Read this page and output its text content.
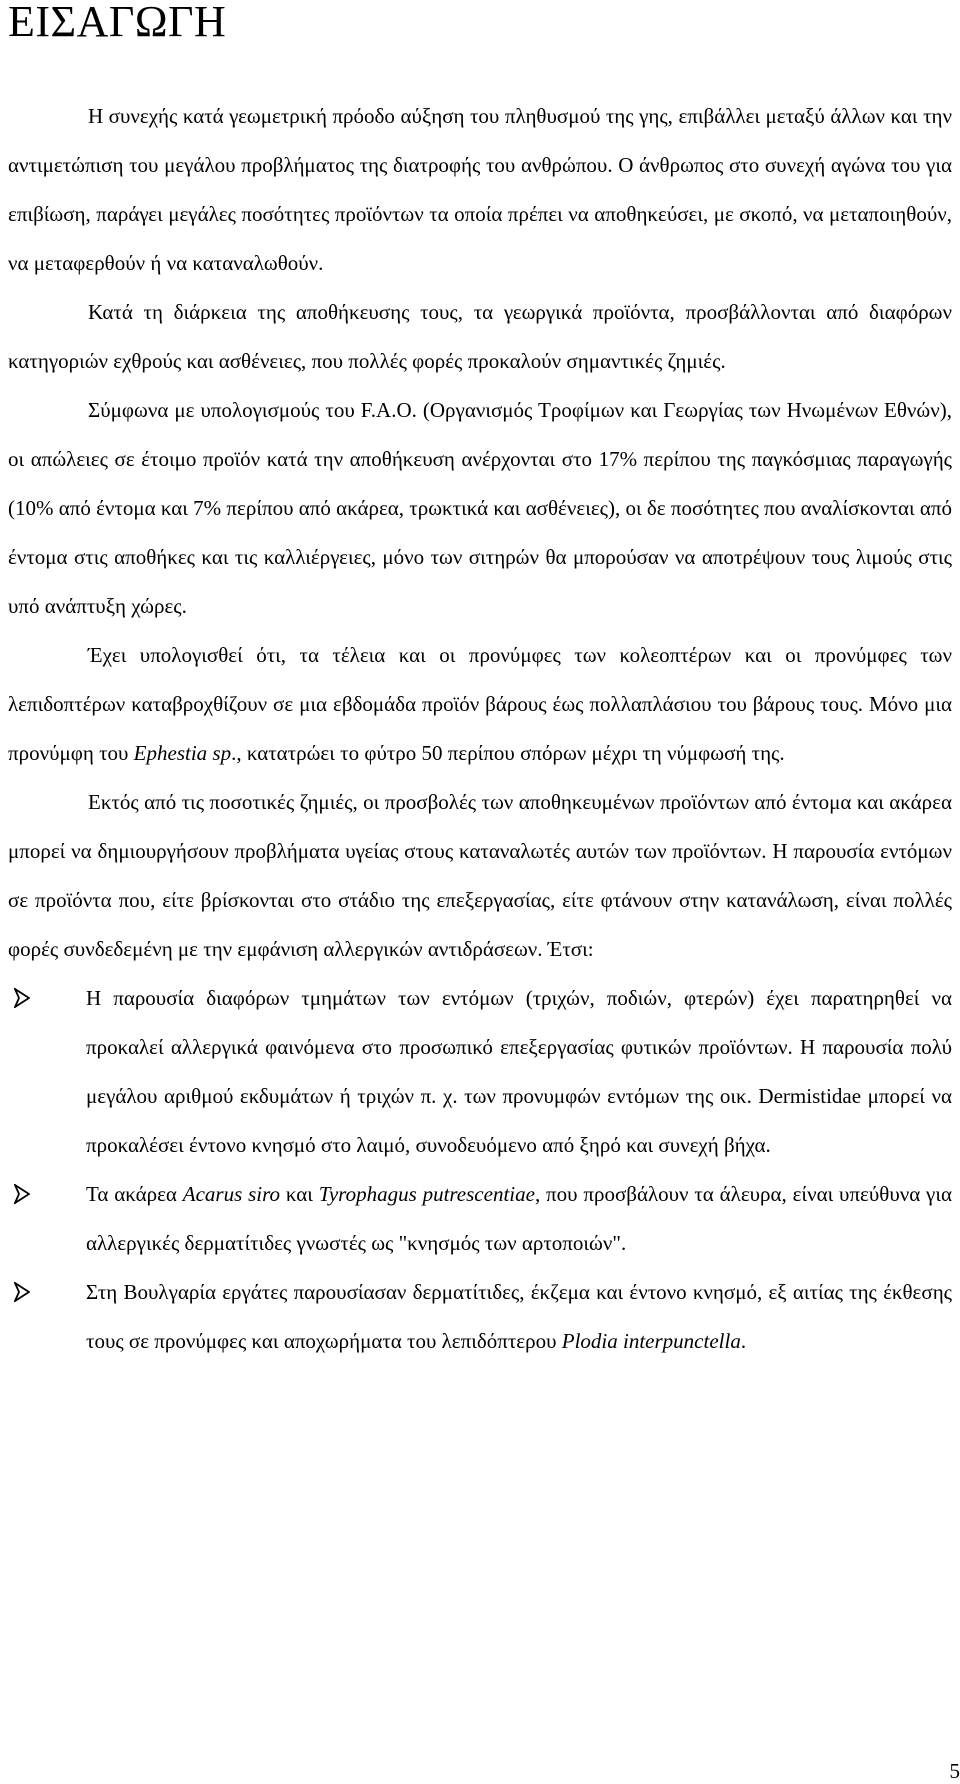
ΕΙΣΑΓΩΓΗ

Η συνεχής κατά γεωμετρική πρόοδο αύξηση του πληθυσμού της γης, επιβάλλει μεταξύ άλλων και την αντιμετώπιση του μεγάλου προβλήματος της διατροφής του ανθρώπου. Ο άνθρωπος στο συνεχή αγώνα του για επιβίωση, παράγει μεγάλες ποσότητες προϊόντων τα οποία πρέπει να αποθηκεύσει, με σκοπό, να μεταποιηθούν, να μεταφερθούν ή να καταναλωθούν.

Κατά τη διάρκεια της αποθήκευσης τους, τα γεωργικά προϊόντα, προσβάλλονται από διαφόρων κατηγοριών εχθρούς και ασθένειες, που πολλές φορές προκαλούν σημαντικές ζημιές.

Σύμφωνα με υπολογισμούς του F.A.O. (Οργανισμός Τροφίμων και Γεωργίας των Ηνωμένων Εθνών), οι απώλειες σε έτοιμο προϊόν κατά την αποθήκευση ανέρχονται στο 17% περίπου της παγκόσμιας παραγωγής (10% από έντομα και 7% περίπου από ακάρεα, τρωκτικά και ασθένειες), οι δε ποσότητες που αναλίσκονται από έντομα στις αποθήκες και τις καλλιέργειες, μόνο των σιτηρών θα μπορούσαν να αποτρέψουν τους λιμούς στις υπό ανάπτυξη χώρες.

Έχει υπολογισθεί ότι, τα τέλεια και οι προνύμφες των κολεοπτέρων και οι προνύμφες των λεπιδοπτέρων καταβροχθίζουν σε μια εβδομάδα προϊόν βάρους έως πολλαπλάσιου του βάρους τους. Μόνο μια προνύμφη του Ephestia sp., κατατρώει το φύτρο 50 περίπου σπόρων μέχρι τη νύμφωσή της.

Εκτός από τις ποσοτικές ζημιές, οι προσβολές των αποθηκευμένων προϊόντων από έντομα και ακάρεα μπορεί να δημιουργήσουν προβλήματα υγείας στους καταναλωτές αυτών των προϊόντων. Η παρουσία εντόμων σε προϊόντα που, είτε βρίσκονται στο στάδιο της επεξεργασίας, είτε φτάνουν στην κατανάλωση, είναι πολλές φορές συνδεδεμένη με την εμφάνιση αλλεργικών αντιδράσεων. Έτσι:

Η παρουσία διαφόρων τμημάτων των εντόμων (τριχών, ποδιών, φτερών) έχει παρατηρηθεί να προκαλεί αλλεργικά φαινόμενα στο προσωπικό επεξεργασίας φυτικών προϊόντων. Η παρουσία πολύ μεγάλου αριθμού εκδυμάτων ή τριχών π. χ. των προνυμφών εντόμων της οικ. Dermistidae μπορεί να προκαλέσει έντονο κνησμό στο λαιμό, συνοδευόμενο από ξηρό και συνεχή βήχα.
Τα ακάρεα Acarus siro και Tyrophagus putrescentiae, που προσβάλουν τα άλευρα, είναι υπεύθυνα για αλλεργικές δερματίτιδες γνωστές ως "κνησμός των αρτοποιών".
Στη Βουλγαρία εργάτες παρουσίασαν δερματίτιδες, έκζεμα και έντονο κνησμό, εξ αιτίας της έκθεσης τους σε προνύμφες και αποχωρήματα του λεπιδόπτερου Plodia interpunctella.
5
